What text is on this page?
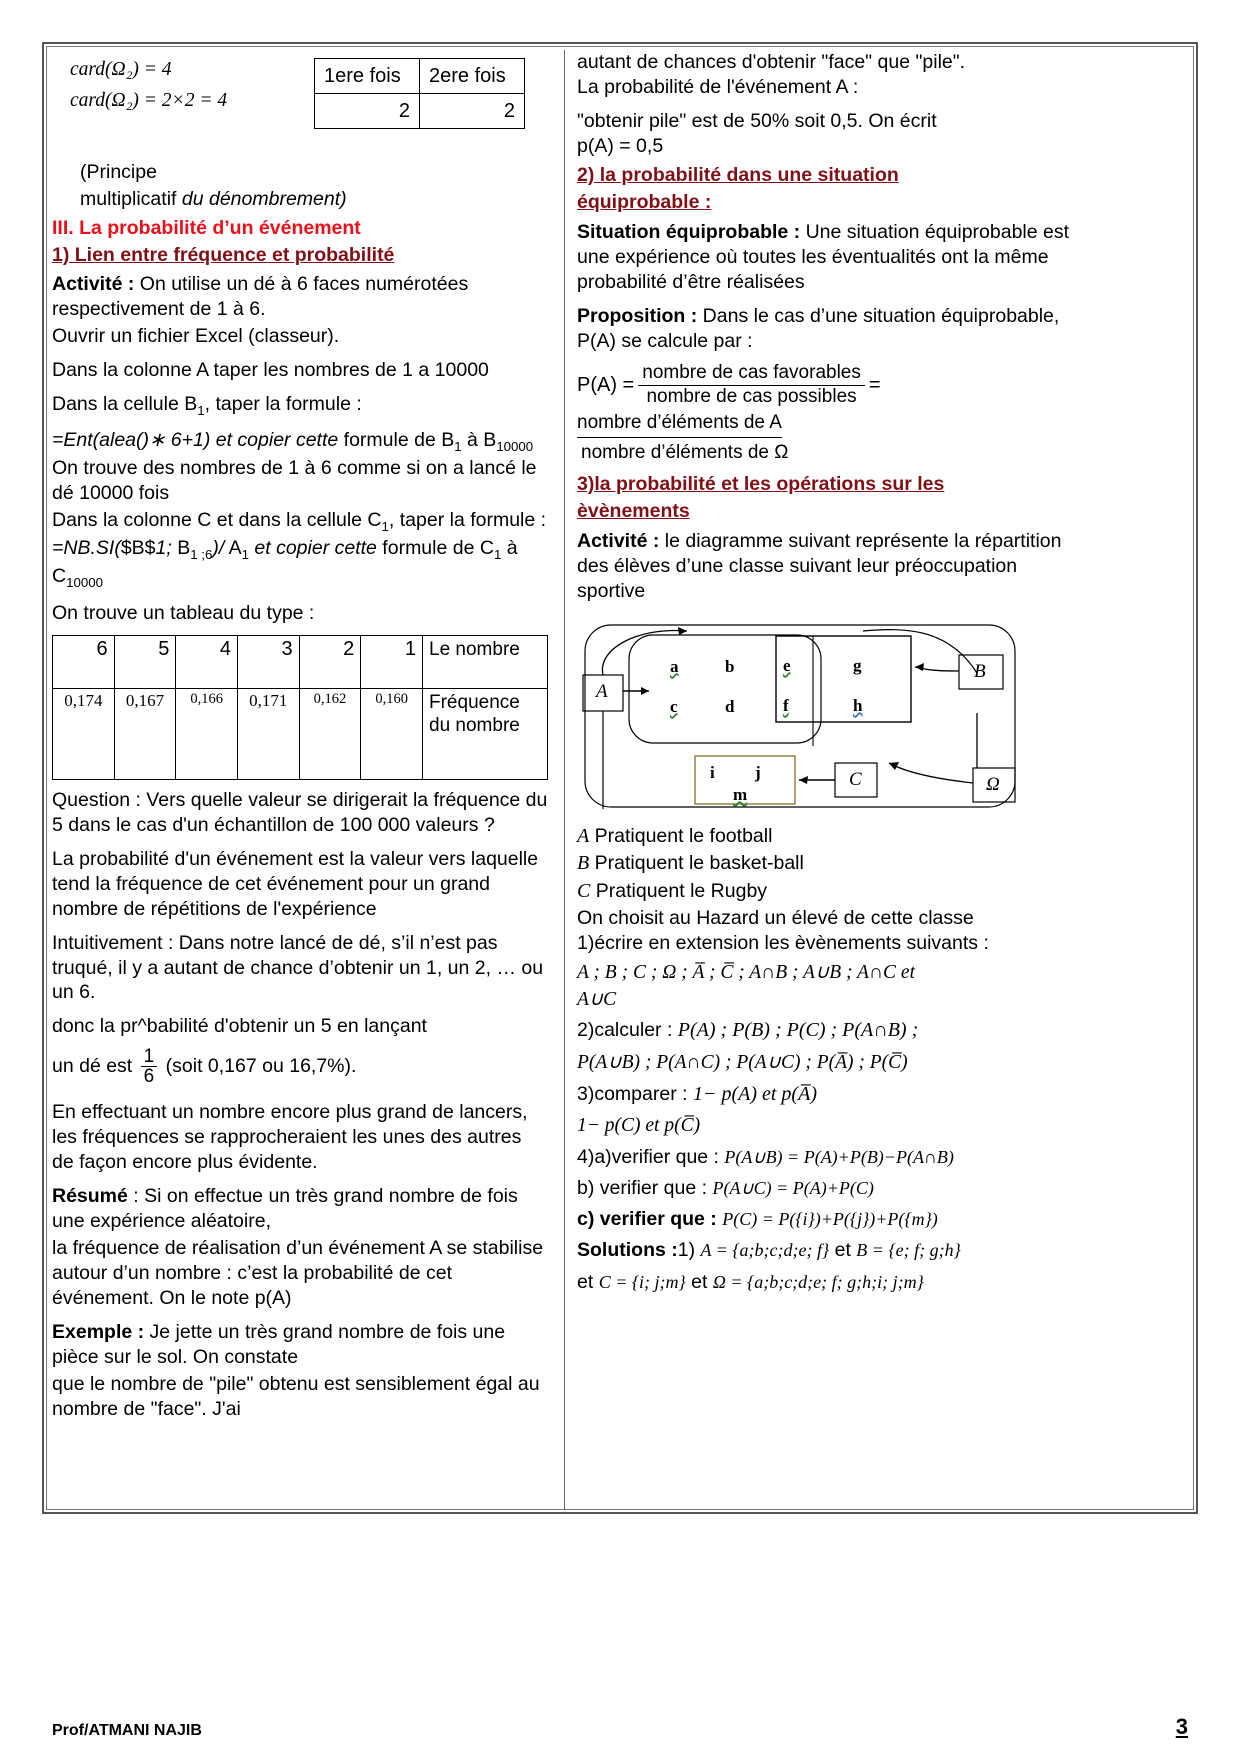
card(Ω₂) = 4
card(Ω₂) = 2×2 = 4
1ere fois	2ere fois
2	2
(Principe
multiplicatif du dénombrement)
III. La probabilité d’un événement
1) Lien entre fréquence et probabilité

Activité : On utilise un dé à 6 faces numérotées respectivement de 1 à 6.

Ouvrir un fichier Excel (classeur).

Dans la colonne A taper les nombres de 1 a 10000

Dans la cellule $B_1$, taper la formule :

=Ent(alea()∗ 6+1) et copier cette formule de $B_1$ à $B_{10000}$ On trouve des nombres de 1 à 6 comme si on a lancé le dé 10000 fois

Dans la colonne C et dans la cellule $C_1$, taper la formule : =NB.SI($B$1; $B_{1 ;6})/$ $A_1$ et copier cette formule de $C_1$ à $C_{10000}$

On trouve un tableau du type :

6	5	4	3	2	1	Le nombre
0,174	0,167	0,166	0,171	0,162	0,160	Fréquence du nombre

Question : Vers quelle valeur se dirigerait la fréquence du 5 dans le cas d'un échantillon de 100 000 valeurs ?

La probabilité d'un événement est la valeur vers laquelle tend la fréquence de cet événement pour un grand nombre de répétitions de l'expérience

Intuitivement : Dans notre lancé de dé, s’il n’est pas truqué, il y a autant de chance d’obtenir un 1, un 2, … ou un 6.

donc la pr^babilité d'obtenir un 5 en lançant

un dé est $\frac{1}{6}$ (soit 0,167 ou 16,7%).

En effectuant un nombre encore plus grand de lancers, les fréquences se rapprocheraient les unes des autres de façon encore plus évidente.

Résumé : Si on effectue un très grand nombre de fois une expérience aléatoire,

la fréquence de réalisation d’un événement A se stabilise autour d’un nombre : c’est la probabilité de cet événement. On le note p(A)

Exemple : Je jette un très grand nombre de fois une pièce sur le sol. On constate

que le nombre de "pile" obtenu est sensiblement égal au nombre de "face". J'ai

autant de chances d'obtenir "face" que "pile".

La probabilité de l'événement A :

"obtenir pile" est de 50% soit 0,5. On écrit

p(A) = 0,5

2) la probabilité dans une situation
équiprobable :

Situation équiprobable : Une situation équiprobable est une expérience où toutes les éventualités ont la même probabilité d’être réalisées

Proposition : Dans le cas d’une situation équiprobable, P(A) se calcule par :

$P(A) = \frac{\text{nombre de cas favorables}}{\text{nombre de cas possibles}}$ =
nombre d’éléments de A
nombre d’éléments de Ω
3)la probabilité et les opérations sur les
èvènements

Activité : le diagramme suivant représente la répartition des élèves d’une classe suivant leur préoccupation sportive

A
B
C	Ω
a	b
c	d
e
f
g
h
i j
m
A Pratiquent le football
B Pratiquent le basket-ball
C Pratiquent le Rugby

On choisit au Hazard un élevé de cette classe

1)écrire en extension les èvènements suivants :

A ; B ; C ; Ω ; A̅ ; C̅ ; A∩B ; A∪B ; A∩C et
A∪C

2)calculer : P(A) ; P(B) ; P(C) ; P(A∩B) ;

P(A∪B) ; P(A∩C) ; P(A∪C) ; P(A̅) ; P(C̅)

3)comparer : 1− p(A) et p(A̅)

1− p(C) et p(C̅)

4)a)verifier que : P(A∪B) = P(A)+P(B)−P(A∩B)

b) verifier que : P(A∪C) = P(A)+P(C)

c) verifier que : P(C) = P({i})+P({j})+P({m})

Solutions :1) A = {a;b;c;d;e; f} et B = {e; f; g;h}

et C = {i; j;m} et Ω = {a;b;c;d;e; f; g;h;i; j;m}

Prof/ATMANI NAJIB	3
